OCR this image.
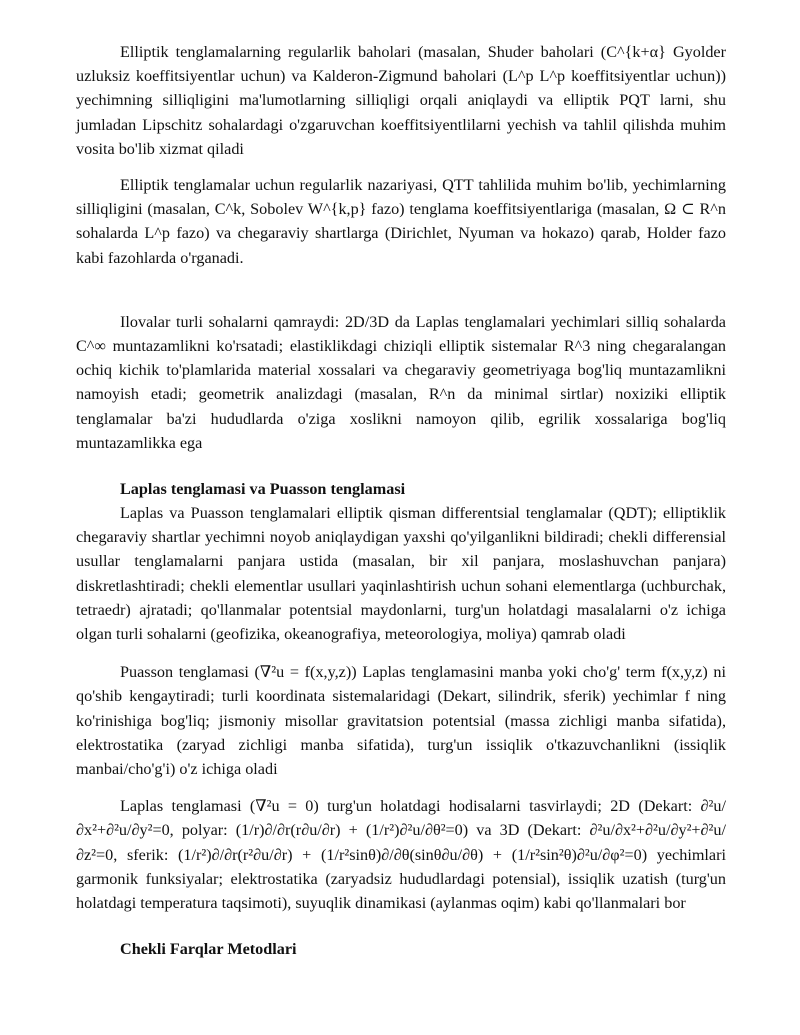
Elliptik tenglamalarning regularlik baholari (masalan, Shuder baholari (C^{k+α} Gyolder uzluksiz koeffitsiyentlar uchun) va Kalderon-Zigmund baholari (L^p L^p koeffitsiyentlar uchun)) yechimning silliqligini ma'lumotlarning silliqligi orqali aniqlaydi va elliptik PQT larni, shu jumladan Lipschitz sohalardagi o'zgaruvchan koeffitsiyentlilarni yechish va tahlil qilishda muhim vosita bo'lib xizmat qiladi

Elliptik tenglamalar uchun regularlik nazariyasi, QTT tahlilida muhim bo'lib, yechimlarning silliqligini (masalan, C^k, Sobolev W^{k,p} fazo) tenglama koeffitsiyentlariga (masalan, Ω ⊂ R^n sohalarda L^p fazo) va chegaraviy shartlarga (Dirichlet, Nyuman va hokazo) qarab, Holder fazo kabi fazohlarda o'rganadi.

Ilovalar turli sohalarni qamraydi: 2D/3D da Laplas tenglamalari yechimlari silliq sohalarda C^∞ muntazamlikni ko'rsatadi; elastiklikdagi chiziqli elliptik sistemalar R^3 ning chegaralangan ochiq kichik to'plamlarida material xossalari va chegaraviy geometriyaga bog'liq muntazamlikni namoyish etadi; geometrik analizdagi (masalan, R^n da minimal sirtlar) noxiziki elliptik tenglamalar ba'zi hududlarda o'ziga xoslikni namoyon qilib, egrilik xossalariga bog'liq muntazamlikka ega

Laplas tenglamasi va Puasson tenglamasi

Laplas va Puasson tenglamalari elliptik qisman differentsial tenglamalar (QDT); elliptiklik chegaraviy shartlar yechimni noyob aniqlaydigan yaxshi qo'yilganlikni bildiradi; chekli differensial usullar tenglamalarni panjara ustida (masalan, bir xil panjara, moslashuvchan panjara) diskretlashtiradi; chekli elementlar usullari yaqinlashtirish uchun sohani elementlarga (uchburchak, tetraedr) ajratadi; qo'llanmalar potentsial maydonlarni, turg'un holatdagi masalalarni o'z ichiga olgan turli sohalarni (geofizika, okeanografiya, meteorologiya, moliya) qamrab oladi

Puasson tenglamasi (∇²u = f(x,y,z)) Laplas tenglamasini manba yoki cho'g' term f(x,y,z) ni qo'shib kengaytiradi; turli koordinata sistemalaridagi (Dekart, silindrik, sferik) yechimlar f ning ko'rinishiga bog'liq; jismoniy misollar gravitatsion potentsial (massa zichligi manba sifatida), elektrostatika (zaryad zichligi manba sifatida), turg'un issiqlik o'tkazuvchanlikni (issiqlik manbai/cho'g'i) o'z ichiga oladi

Laplas tenglamasi (∇²u = 0) turg'un holatdagi hodisalarni tasvirlaydi; 2D (Dekart: ∂²u/∂x²+∂²u/∂y²=0, polyar: (1/r)∂/∂r(r∂u/∂r) + (1/r²)∂²u/∂θ²=0) va 3D (Dekart: ∂²u/∂x²+∂²u/∂y²+∂²u/∂z²=0, sferik: (1/r²)∂/∂r(r²∂u/∂r) + (1/r²sinθ)∂/∂θ(sinθ∂u/∂θ) + (1/r²sin²θ)∂²u/∂φ²=0) yechimlari garmonik funksiyalar; elektrostatika (zaryadsiz hududlardagi potensial), issiqlik uzatish (turg'un holatdagi temperatura taqsimoti), suyuqlik dinamikasi (aylanmas oqim) kabi qo'llanmalari bor

Chekli Farqlar Metodlari
